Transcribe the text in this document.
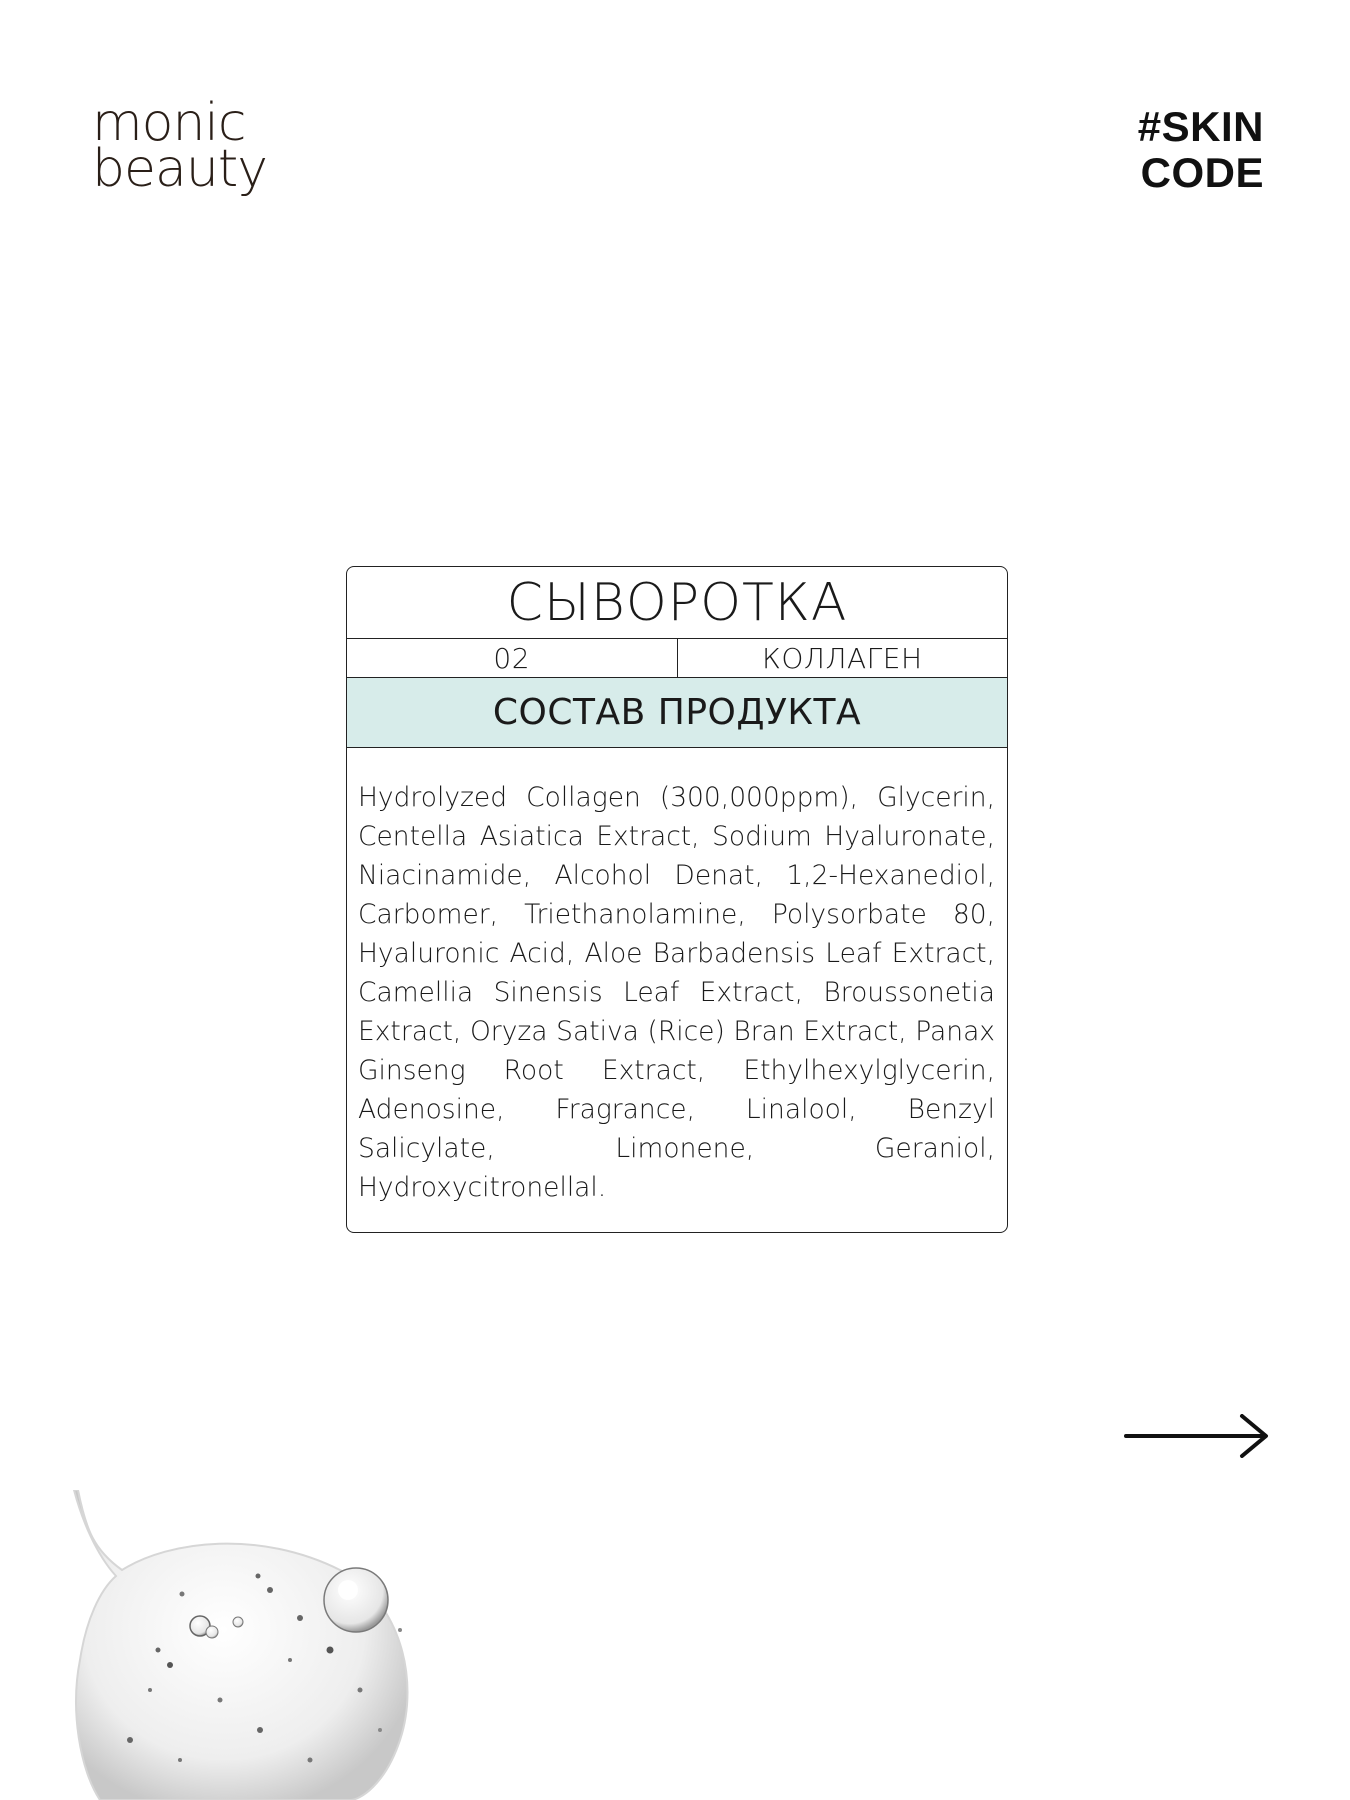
monic
beauty
#SKIN
CODE
СЫВОРОТКА
02	КОЛЛАГЕН
СОСТАВ ПРОДУКТА
Hydrolyzed Collagen (300,000ppm), Glycerin, Centella Asiatica Extract, Sodium Hyaluronate, Niacinamide, Alcohol Denat, 1,2-Hexanediol, Carbomer, Triethanolamine, Polysorbate 80, Hyaluronic Acid, Aloe Barbadensis Leaf Extract, Camellia Sinensis Leaf Extract, Broussonetia Extract, Oryza Sativa (Rice) Bran Extract, Panax Ginseng Root Extract, Ethylhexylglycerin, Adenosine, Fragrance, Linalool, Benzyl Salicylate, Limonene, Geraniol, Hydroxycitronellal.
